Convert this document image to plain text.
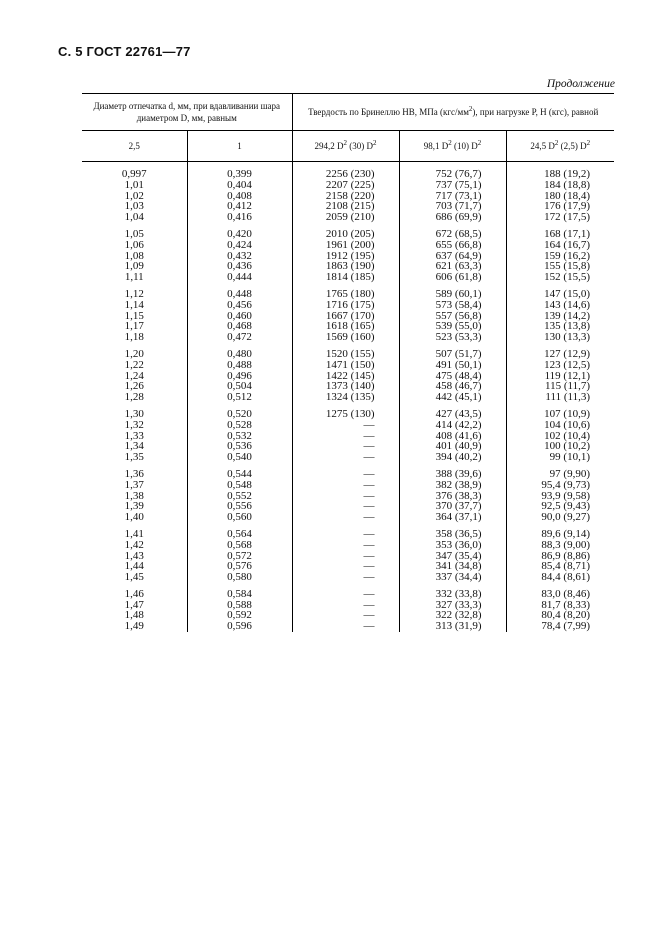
С. 5 ГОСТ 22761—77
Продолжение
Диаметр отпечатка d, мм, при вдавливании шара диаметром D, мм, равным		Твердость по Бринеллю НВ, МПа $(кгс/мм^2)$, при нагрузке P, Н (кгс), равной		
2,5	1	294,2 $D^2$ (30) $D^2$	98,1 $D^2$ (10) $D^2$	24,5 $D^2$ (2,5) $D^2$
0,997	0,399	2256 (230)	752 (76,7)	188 (19,2)
1,01	0,404	2207 (225)	737 (75,1)	184 (18,8)
1,02	0,408	2158 (220)	717 (73,1)	180 (18,4)
1,03	0,412	2108 (215)	703 (71,7)	176 (17,9)
1,04	0,416	2059 (210)	686 (69,9)	172 (17,5)

1,05	0,420	2010 (205)	672 (68,5)	168 (17,1)
1,06	0,424	1961 (200)	655 (66,8)	164 (16,7)
1,08	0,432	1912 (195)	637 (64,9)	159 (16,2)
1,09	0,436	1863 (190)	621 (63,3)	155 (15,8)
1,11	0,444	1814 (185)	606 (61,8)	152 (15,5)

1,12	0,448	1765 (180)	589 (60,1)	147 (15,0)
1,14	0,456	1716 (175)	573 (58,4)	143 (14,6)
1,15	0,460	1667 (170)	557 (56,8)	139 (14,2)
1,17	0,468	1618 (165)	539 (55,0)	135 (13,8)
1,18	0,472	1569 (160)	523 (53,3)	130 (13,3)

1,20	0,480	1520 (155)	507 (51,7)	127 (12,9)
1,22	0,488	1471 (150)	491 (50,1)	123 (12,5)
1,24	0,496	1422 (145)	475 (48,4)	119 (12,1)
1,26	0,504	1373 (140)	458 (46,7)	115 (11,7)
1,28	0,512	1324 (135)	442 (45,1)	111 (11,3)

1,30	0,520	1275 (130)	427 (43,5)	107 (10,9)
1,32	0,528	—	414 (42,2)	104 (10,6)
1,33	0,532	—	408 (41,6)	102 (10,4)
1,34	0,536	—	401 (40,9)	100 (10,2)
1,35	0,540	—	394 (40,2)	99 (10,1)

1,36	0,544	—	388 (39,6)	97 (9,90)
1,37	0,548	—	382 (38,9)	95,4 (9,73)
1,38	0,552	—	376 (38,3)	93,9 (9,58)
1,39	0,556	—	370 (37,7)	92,5 (9,43)
1,40	0,560	—	364 (37,1)	90,0 (9,27)

1,41	0,564	—	358 (36,5)	89,6 (9,14)
1,42	0,568	—	353 (36,0)	88,3 (9,00)
1,43	0,572	—	347 (35,4)	86,9 (8,86)
1,44	0,576	—	341 (34,8)	85,4 (8,71)
1,45	0,580	—	337 (34,4)	84,4 (8,61)

1,46	0,584	—	332 (33,8)	83,0 (8,46)
1,47	0,588	—	327 (33,3)	81,7 (8,33)
1,48	0,592	—	322 (32,8)	80,4 (8,20)
1,49	0,596	—	313 (31,9)	78,4 (7,99)
